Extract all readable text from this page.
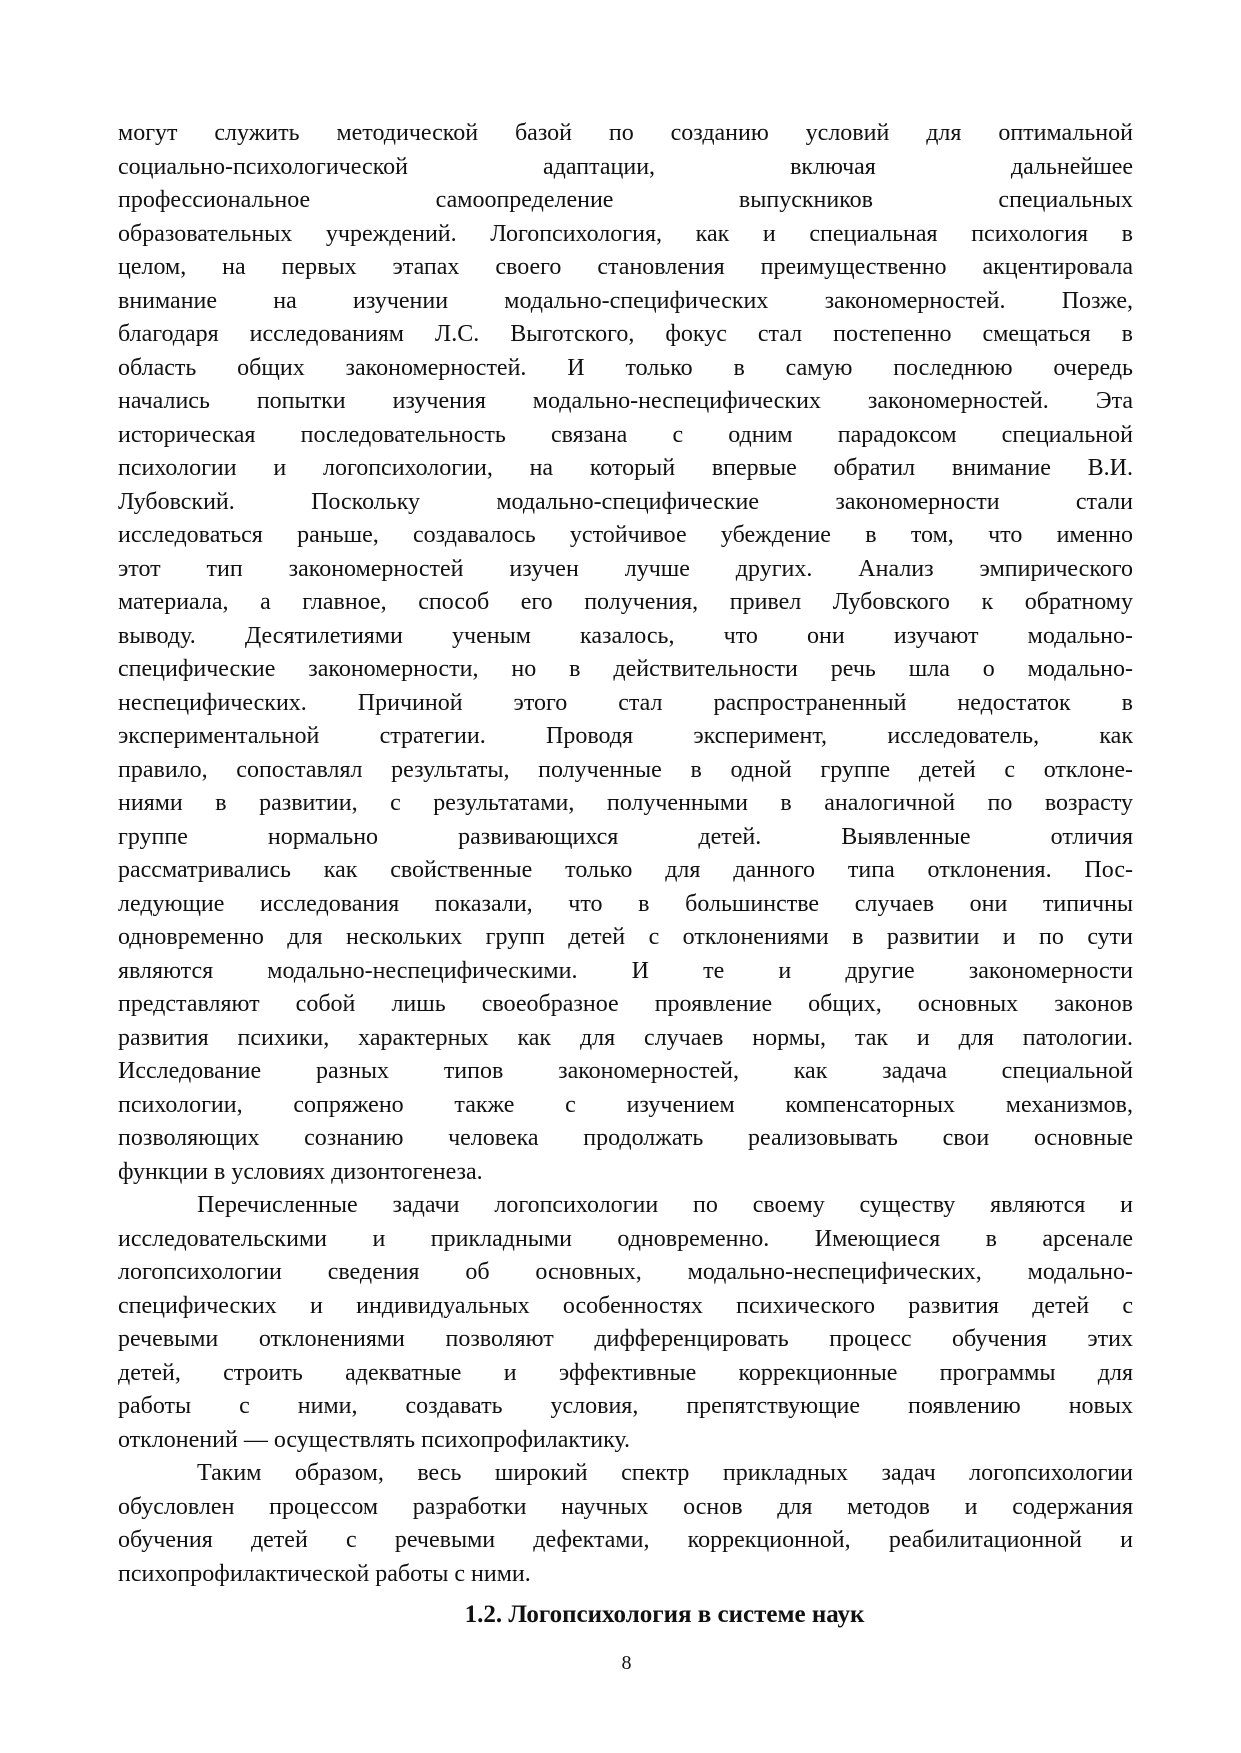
могут служить методической базой по созданию условий для оптимальной
социально-психологической адаптации, включая дальнейшее
профессиональное самоопределение выпускников специальных
образовательных учреждений. Логопсихология, как и специальная психология в
целом, на первых этапах своего становления преимущественно акцентировала
внимание на изучении модально-специфических закономерностей. Позже,
благодаря исследованиям Л.С. Выготского, фокус стал постепенно смещаться в
область общих закономерностей. И только в самую последнюю очередь
начались попытки изучения модально-неспецифических закономерностей. Эта
историческая последовательность связана с одним парадоксом специальной
психологии и логопсихологии, на который впервые обратил внимание В.И.
Лубовский. Поскольку модально-специфические закономерности стали
исследоваться раньше, создавалось устойчивое убеждение в том, что именно
этот тип закономерностей изучен лучше других. Анализ эмпирического
материала, а главное, способ его получения, привел Лубовского к обратному
выводу. Десятилетиями ученым казалось, что они изучают модально-
специфические закономерности, но в действительности речь шла о модально-
неспецифических. Причиной этого стал распространенный недостаток в
экспериментальной стратегии. Проводя эксперимент, исследователь, как
правило, сопоставлял результаты, полученные в одной группе детей с отклоне-
ниями в развитии, с результатами, полученными в аналогичной по возрасту
группе нормально развивающихся детей. Выявленные отличия
рассматривались как свойственные только для данного типа отклонения. Пос-
ледующие исследования показали, что в большинстве случаев они типичны
одновременно для нескольких групп детей с отклонениями в развитии и по сути
являются модально-неспецифическими. И те и другие закономерности
представляют собой лишь своеобразное проявление общих, основных законов
развития психики, характерных как для случаев нормы, так и для патологии.
Исследование разных типов закономерностей, как задача специальной
психологии, сопряжено также с изучением компенсаторных механизмов,
позволяющих сознанию человека продолжать реализовывать свои основные
функции в условиях дизонтогенеза.
Перечисленные задачи логопсихологии по своему существу являются и
исследовательскими и прикладными одновременно. Имеющиеся в арсенале
логопсихологии сведения об основных, модально-неспецифических, модально-
специфических и индивидуальных особенностях психического развития детей с
речевыми отклонениями позволяют дифференцировать процесс обучения этих
детей, строить адекватные и эффективные коррекционные программы для
работы с ними, создавать условия, препятствующие появлению новых
отклонений — осуществлять психопрофилактику.
Таким образом, весь широкий спектр прикладных задач логопсихологии
обусловлен процессом разработки научных основ для методов и содержания
обучения детей с речевыми дефектами, коррекционной, реабилитационной и
психопрофилактической работы с ними.
1.2. Логопсихология в системе наук
8
